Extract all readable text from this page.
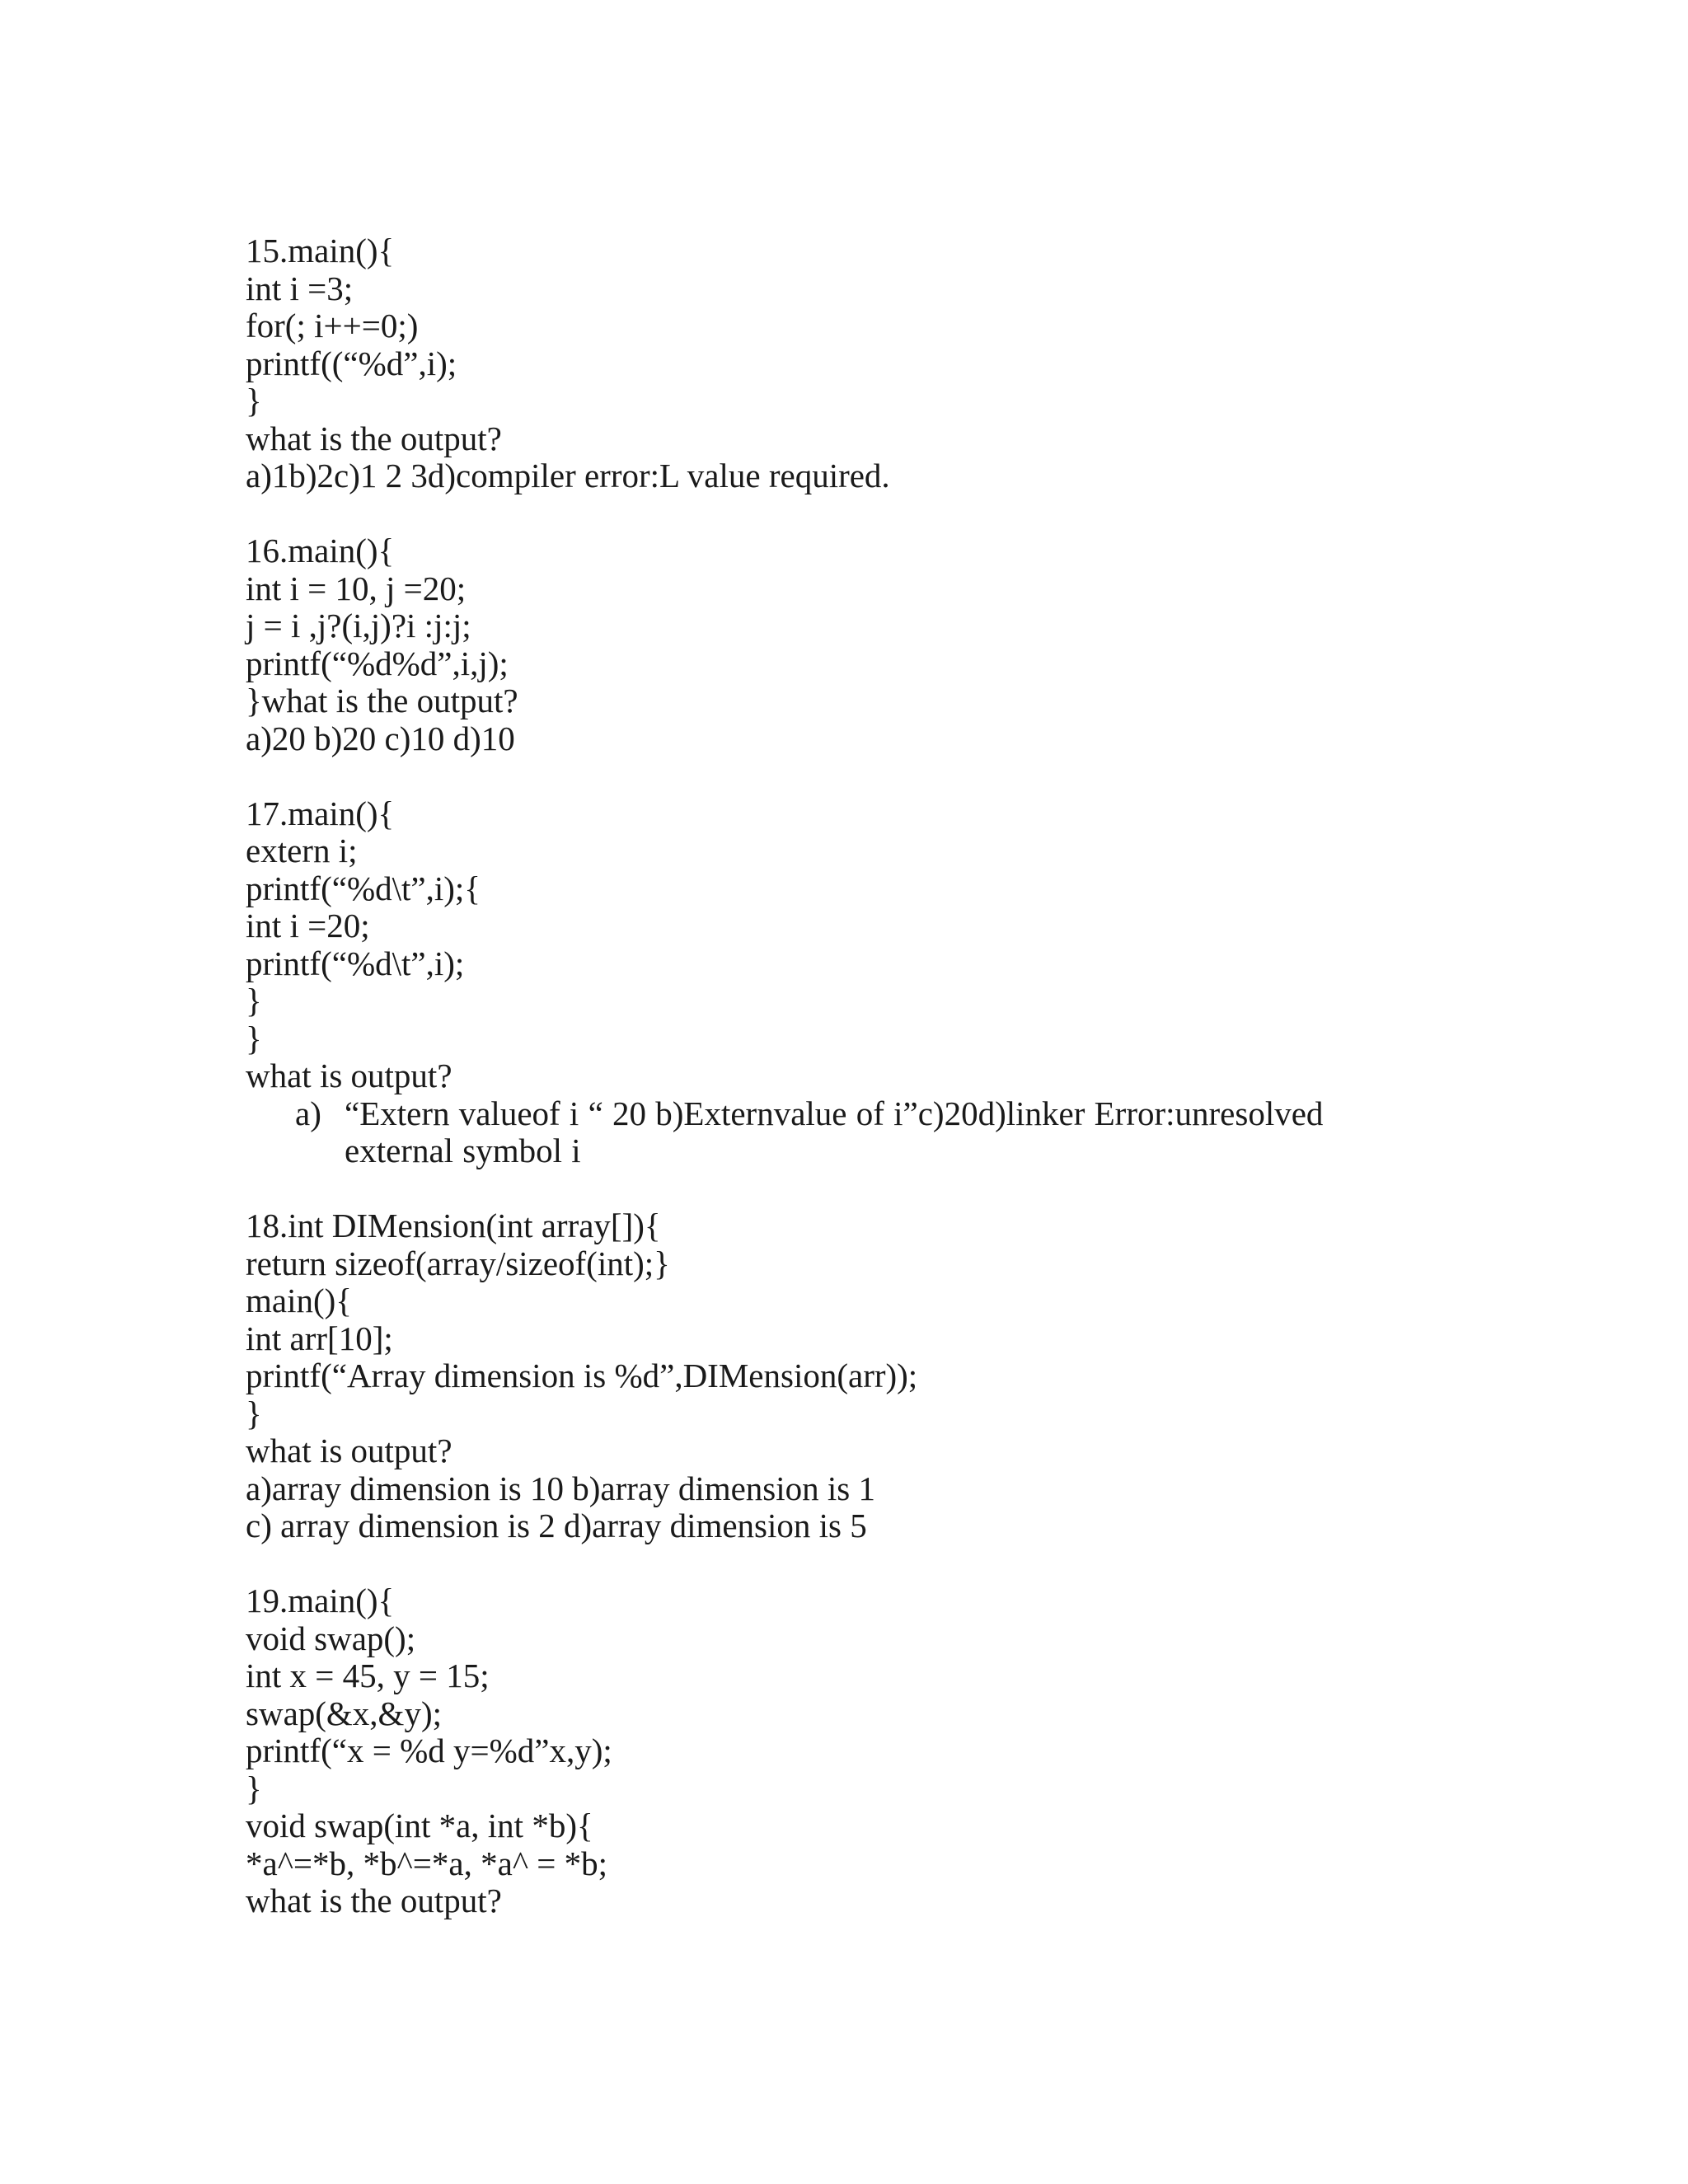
15.main(){
int i =3;
for(; i++=0;)
printf((“%d”,i);
}
what is the output?
a)1b)2c)1 2 3d)compiler error:L value required.
16.main(){
int i = 10, j =20;
j = i ,j?(i,j)?i :j:j;
printf(“%d%d”,i,j);
}what is the output?
a)20 b)20 c)10 d)10
17.main(){
extern i;
printf(“%d\t”,i);{
int i =20;
printf(“%d\t”,i);
}
}
what is output?
a) “Extern valueof i “ 20 b)Externvalue of i”c)20d)linker Error:unresolved external symbol i
18.int DIMension(int array[]){
return sizeof(array/sizeof(int);}
main(){
int arr[10];
printf(“Array dimension is %d”,DIMension(arr));
}
what is output?
a)array dimension is 10 b)array dimension is 1
c) array dimension is 2 d)array dimension is 5
19.main(){
void swap();
int x = 45, y = 15;
swap(&x,&y);
printf(“x = %d y=%d”x,y);
}
void swap(int *a, int *b){
*a^=*b, *b^=*a, *a^ = *b;
what is the output?
